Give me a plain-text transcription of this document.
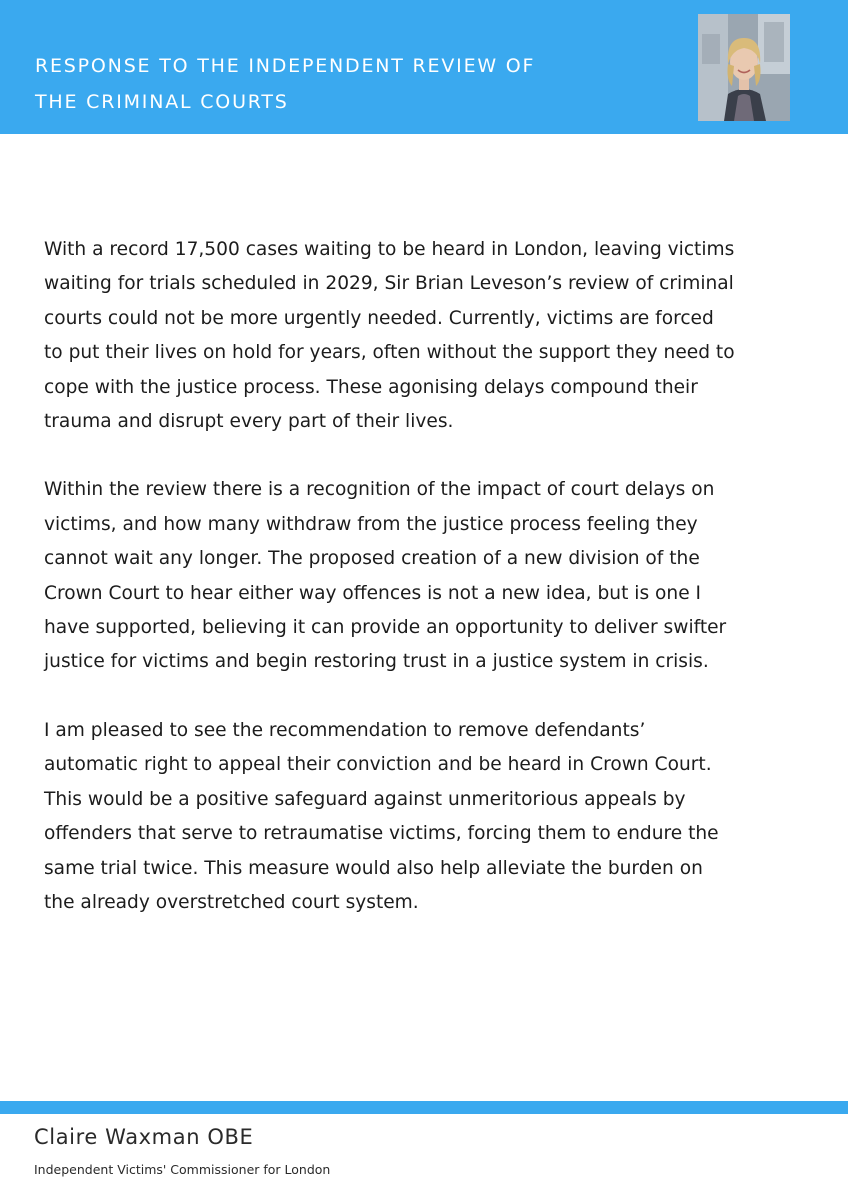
RESPONSE TO THE INDEPENDENT REVIEW OF
THE CRIMINAL COURTS
With a record 17,500 cases waiting to be heard in London, leaving victims
waiting for trials scheduled in 2029, Sir Brian Leveson’s review of criminal
courts could not be more urgently needed. Currently, victims are forced
to put their lives on hold for years, often without the support they need to
cope with the justice process. These agonising delays compound their
trauma and disrupt every part of their lives.
Within the review there is a recognition of the impact of court delays on
victims, and how many withdraw from the justice process feeling they
cannot wait any longer. The proposed creation of a new division of the
Crown Court to hear either way offences is not a new idea, but is one I
have supported, believing it can provide an opportunity to deliver swifter
justice for victims and begin restoring trust in a justice system in crisis.
I am pleased to see the recommendation to remove defendants’
automatic right to appeal their conviction and be heard in Crown Court.
This would be a positive safeguard against unmeritorious appeals by
offenders that serve to retraumatise victims, forcing them to endure the
same trial twice. This measure would also help alleviate the burden on
the already overstretched court system.
Claire Waxman OBE
Independent Victims' Commissioner for London
